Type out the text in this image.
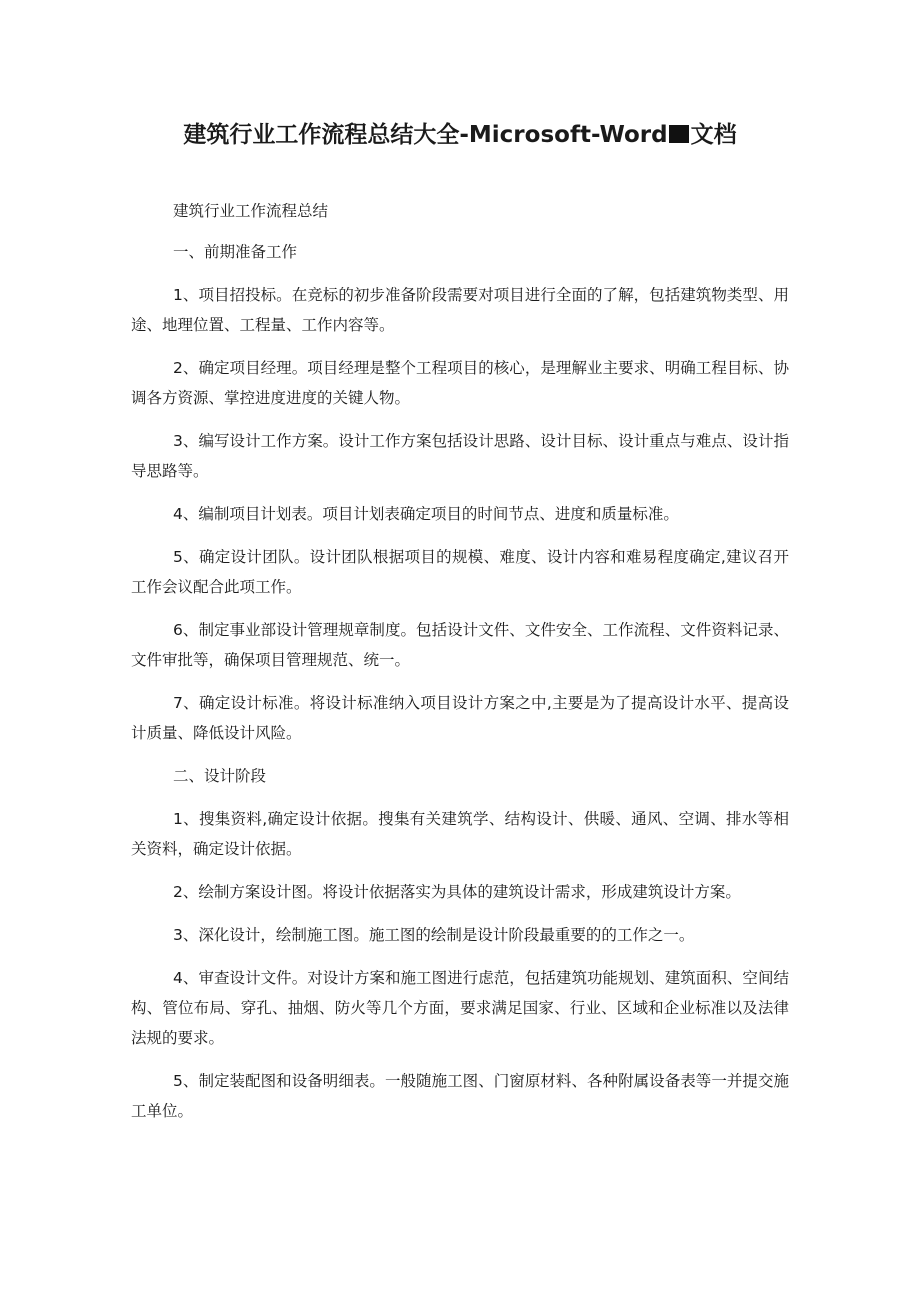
建筑行业工作流程总结大全-Microsoft-Word 文档

建筑行业工作流程总结

一、前期准备工作

1、项目招投标。在竞标的初步准备阶段需要对项目进行全面的了解，包括建筑物类型、用途、地理位置、工程量、工作内容等。

2、确定项目经理。项目经理是整个工程项目的核心，是理解业主要求、明确工程目标、协调各方资源、掌控进度进度的关键人物。

3、编写设计工作方案。设计工作方案包括设计思路、设计目标、设计重点与难点、设计指导思路等。

4、编制项目计划表。项目计划表确定项目的时间节点、进度和质量标准。

5、确定设计团队。设计团队根据项目的规模、难度、设计内容和难易程度确定,建议召开工作会议配合此项工作。

6、制定事业部设计管理规章制度。包括设计文件、文件安全、工作流程、文件资料记录、文件审批等，确保项目管理规范、统一。

7、确定设计标准。将设计标准纳入项目设计方案之中,主要是为了提高设计水平、提高设计质量、降低设计风险。

二、设计阶段

1、搜集资料,确定设计依据。搜集有关建筑学、结构设计、供暖、通风、空调、排水等相关资料，确定设计依据。

2、绘制方案设计图。将设计依据落实为具体的建筑设计需求，形成建筑设计方案。

3、深化设计，绘制施工图。施工图的绘制是设计阶段最重要的的工作之一。

4、审查设计文件。对设计方案和施工图进行虑范，包括建筑功能规划、建筑面积、空间结构、管位布局、穿孔、抽烟、防火等几个方面，要求满足国家、行业、区域和企业标准以及法律法规的要求。

5、制定装配图和设备明细表。一般随施工图、门窗原材料、各种附属设备表等一并提交施工单位。
